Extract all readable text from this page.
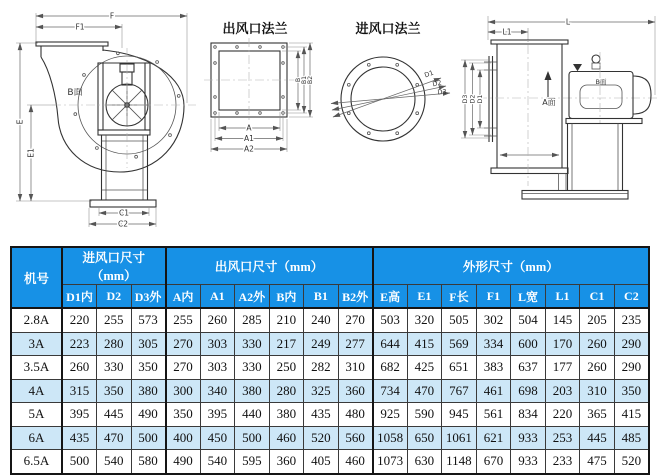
F
F1
E
E1
B面
C1
C2
出风口法兰
B B1 B2
A
A1
A2
进风口法兰
D1
D2
D3
L
L1
D3 D2 D1	A面
B面
机号	进风口尺寸（mm）			出风口尺寸（mm）						外形尺寸（mm）							
	D1内	D2	D3外	A内	A1	A2外	B内	B1	B2外	E高	E1	F长	F1	L宽	L1	C1	C2
2.8A	220	255	573	255	260	285	210	240	270	503	320	505	302	504	145	205	235
3A	223	280	305	270	303	330	217	249	277	644	415	569	334	600	170	260	290
3.5A	260	330	350	270	303	330	250	282	310	682	425	651	383	637	177	260	290
4A	315	350	380	300	340	380	280	325	360	734	470	767	461	698	203	310	350
5A	395	445	490	350	395	440	380	435	480	925	590	945	561	834	220	365	415
6A	435	470	500	400	450	500	460	520	560	1058	650	1061	621	933	253	445	485
6.5A	500	540	580	490	540	595	360	405	460	1073	630	1148	670	933	233	475	520
